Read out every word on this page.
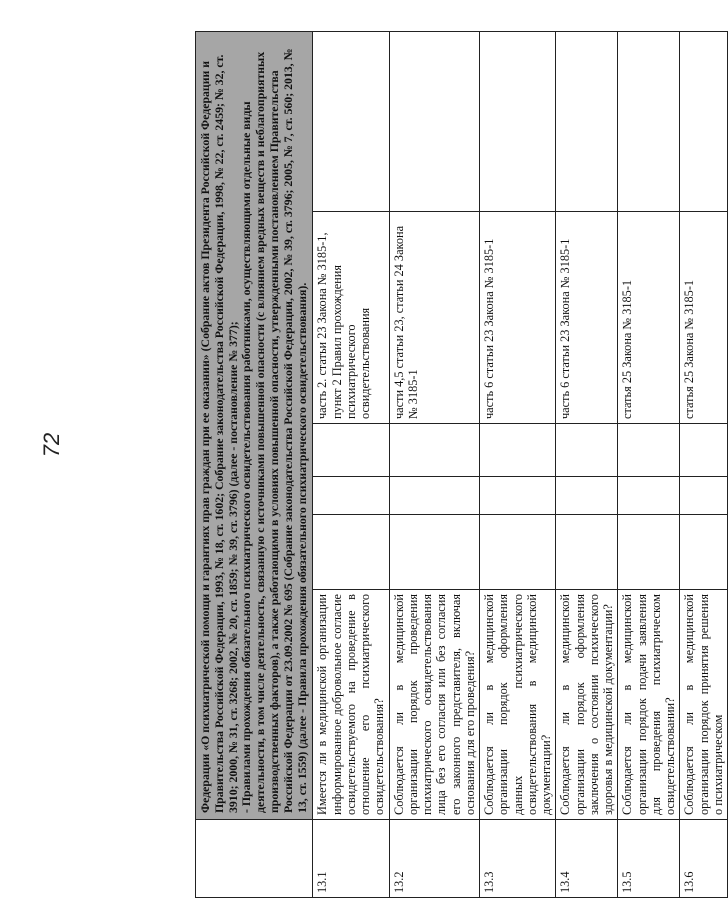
72

	Федерации «О психиатрической помощи и гарантиях прав граждан при ее оказании» (Собрание актов Президента Российской Федерации и Правительства Российской Федерации, 1993, № 18, ст. 1602; Собрание законодательства Российской Федерации, 1998, № 22, ст. 2459; № 32, ст. 3910; 2000, № 31, ст. 3268; 2002, № 20, ст. 1859; № 39, ст. 3796) (далее - постановление № 377); - Правилами прохождения обязательного психиатрического освидетельствования работниками, осуществляющими отдельные виды деятельности, в том числе деятельность, связанную с источниками повышенной опасности (с влиянием вредных веществ и неблагоприятных производственных факторов), а также работающими в условиях повышенной опасности, утвержденными постановлением Правительства Российской Федерации от 23.09.2002 № 695 (Собрание законодательства Российской Федерации, 2002, № 39, ст. 3796; 2005, № 7, ст. 560; 2013, № 13, ст. 1559) (далее - Правила прохождения обязательного психиатрического освидетельствования).					

13.1	Имеется ли в медицинской организации информированное добровольное согласие освидетельствуемого на проведение в отношение его психиатрического освидетельствования?				часть 2. статьи 23 Закона № 3185-1, пункт 2 Правил прохождения психиатрического освидетельствования	
13.2	Соблюдается ли в медицинской организации порядок проведения психиатрического освидетельствования лица без его согласия или без согласия его законного представителя, включая основания для его проведения?				части 4,5 статьи 23, статьи 24 Закона № 3185-1	
13.3	Соблюдается ли в медицинской организации порядок оформления данных психиатрического освидетельствования в медицинской документации?				часть 6 статьи 23 Закона № 3185-1	
13.4	Соблюдается ли в медицинской организации порядок оформления заключения о состоянии психического здоровья в медицинской документации?				часть 6 статьи 23 Закона № 3185-1	
13.5	Соблюдается ли в медицинской организации порядок подачи заявления для проведения психиатрическом освидетельствовании?				статья 25 Закона № 3185-1	
13.6	Соблюдается ли в медицинской организации порядок принятия решения о психиатрическом				статья 25 Закона № 3185-1	
